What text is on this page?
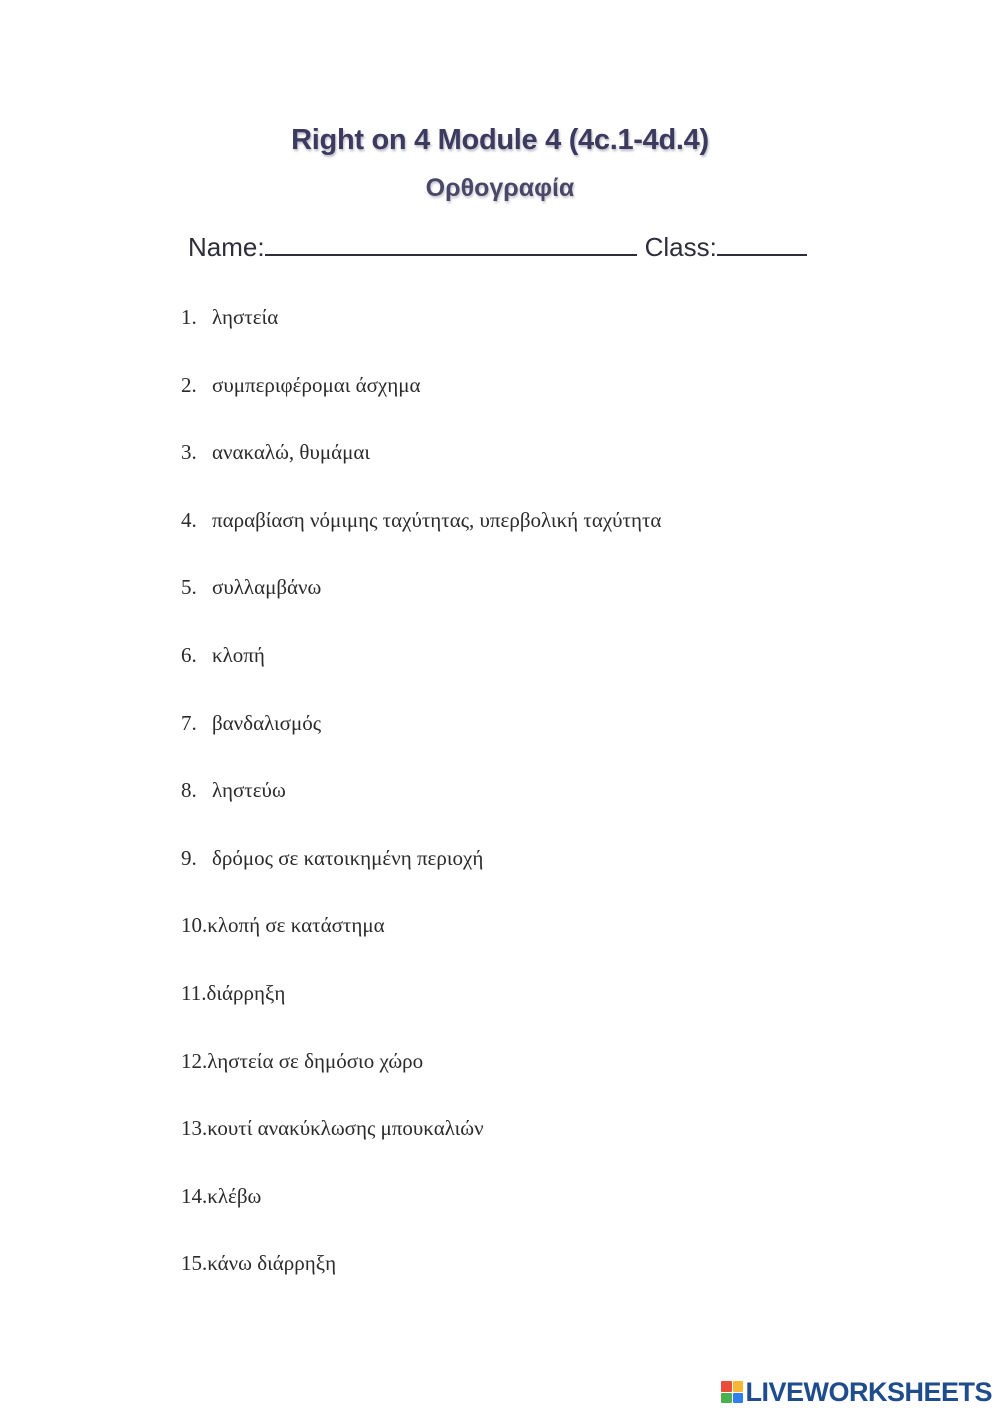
Right on 4 Module 4 (4c.1-4d.4)
Ορθογραφία
Name:	Class:
1. ληστεία
2. συμπεριφέρομαι άσχημα
3. ανακαλώ, θυμάμαι
4. παραβίαση νόμιμης ταχύτητας, υπερβολική ταχύτητα
5. συλλαμβάνω
6. κλοπή
7. βανδαλισμός
8. ληστεύω
9. δρόμος σε κατοικημένη περιοχή
10.κλοπή σε κατάστημα
11.διάρρηξη
12.ληστεία σε δημόσιο χώρο
13.κουτί ανακύκλωσης μπουκαλιών
14.κλέβω
15.κάνω διάρρηξη
LIVEWORKSHEETS
